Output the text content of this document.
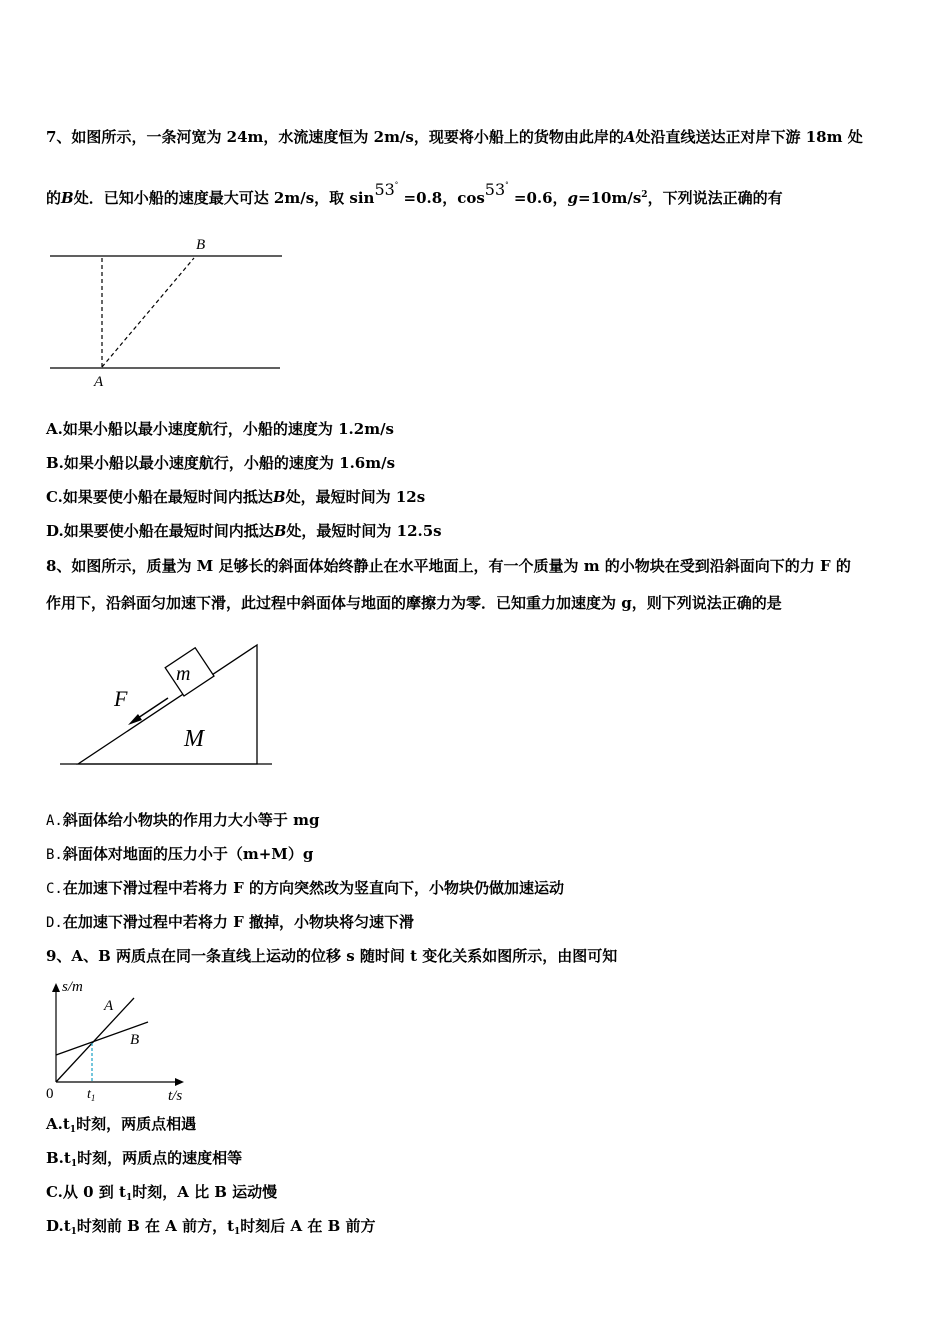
7、如图所示，一条河宽为 24m，水流速度恒为 2m/s，现要将小船上的货物由此岸的A处沿直线送达正对岸下游 18m 处
的B处．已知小船的速度最大可达 2m/s，取 sin53° =0.8，cos53° =0.6，$g=10m/s^2$，下列说法正确的有
B
A
A.如果小船以最小速度航行，小船的速度为 1.2m/s
B.如果小船以最小速度航行，小船的速度为 1.6m/s
C.如果要使小船在最短时间内抵达B处，最短时间为 12s
D.如果要使小船在最短时间内抵达B处，最短时间为 12.5s
8、如图所示，质量为 M 足够长的斜面体始终静止在水平地面上，有一个质量为 m 的小物块在受到沿斜面向下的力 F 的
作用下，沿斜面匀加速下滑，此过程中斜面体与地面的摩擦力为零．已知重力加速度为 g，则下列说法正确的是
m
F
M
A.斜面体给小物块的作用力大小等于 mg
B.斜面体对地面的压力小于（m+M）g
C.在加速下滑过程中若将力 F 的方向突然改为竖直向下，小物块仍做加速运动
D.在加速下滑过程中若将力 F 撤掉，小物块将匀速下滑
9、A、B 两质点在同一条直线上运动的位移 s 随时间 t 变化关系如图所示，由图可知
s/m
A
B
0 $t_1$	t/s
$A.t_1$时刻，两质点相遇
$B.t_1$时刻，两质点的速度相等
C.从 0 到 $t_1$时刻，A 比 B 运动慢
$D.t_1$时刻前 B 在 A 前方，$t_1$时刻后 A 在 B 前方
